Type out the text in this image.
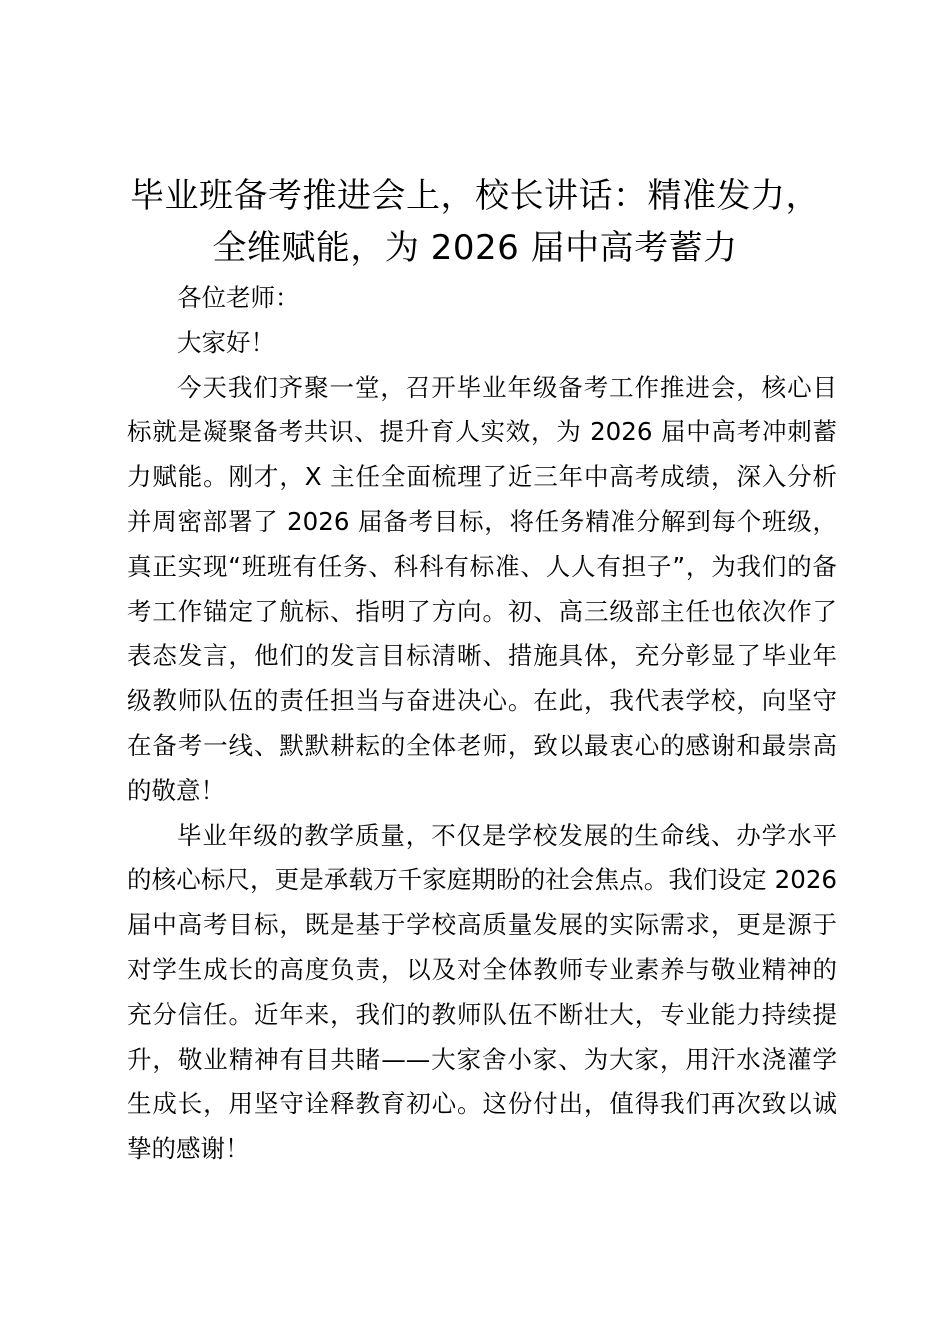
毕业班备考推进会上，校长讲话：精准发力，
全维赋能，为 2026 届中高考蓄力

各位老师：

大家好！

今天我们齐聚一堂，召开毕业年级备考工作推进会，核心目标就是凝聚备考共识、提升育人实效，为 2026 届中高考冲刺蓄力赋能。刚才，X 主任全面梳理了近三年中高考成绩，深入分析并周密部署了 2026 届备考目标，将任务精准分解到每个班级，真正实现“班班有任务、科科有标准、人人有担子”，为我们的备考工作锚定了航标、指明了方向。初、高三级部主任也依次作了表态发言，他们的发言目标清晰、措施具体，充分彰显了毕业年级教师队伍的责任担当与奋进决心。在此，我代表学校，向坚守在备考一线、默默耕耘的全体老师，致以最衷心的感谢和最崇高的敬意！

毕业年级的教学质量，不仅是学校发展的生命线、办学水平的核心标尺，更是承载万千家庭期盼的社会焦点。我们设定 2026 届中高考目标，既是基于学校高质量发展的实际需求，更是源于对学生成长的高度负责，以及对全体教师专业素养与敬业精神的充分信任。近年来，我们的教师队伍不断壮大，专业能力持续提升，敬业精神有目共睹——大家舍小家、为大家，用汗水浇灌学生成长，用坚守诠释教育初心。这份付出，值得我们再次致以诚挚的感谢！
